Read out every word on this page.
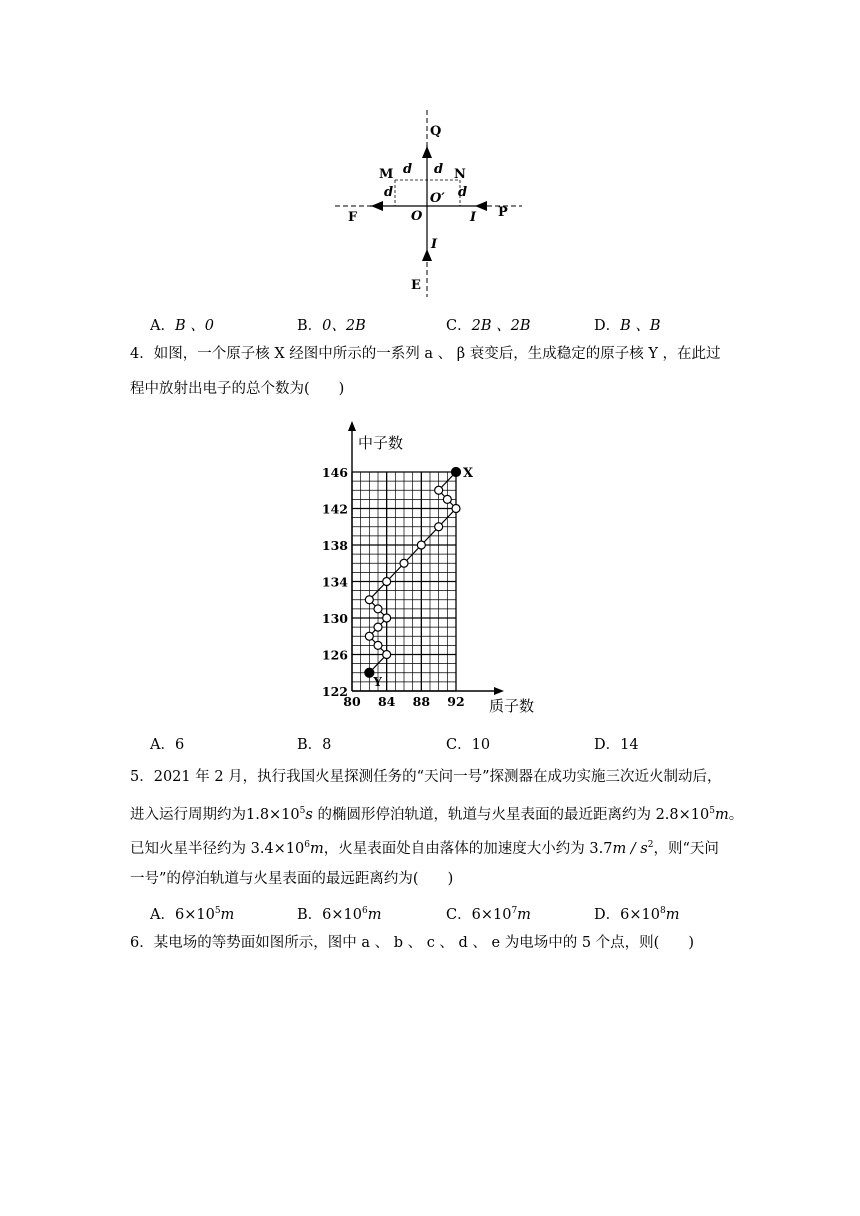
Q
M	N
d d
d	d
O′
O
F	I P
I
E
A．B 、0	B．0、2B	C．2B 、2B	D．B 、B
4．如图，一个原子核 X 经图中所示的一系列 a 、 β 衰变后，生成稳定的原子核 Y ，在此过
程中放射出电子的总个数为(　　)
中子数
质子数
122
126
130
134
138
142
146
80 84 88 92
X
Y
A．6	B．8	C．10	D．14
5．2021 年 2 月，执行我国火星探测任务的“天问一号”探测器在成功实施三次近火制动后，
进入运行周期约为$1.8\times 10^5s$ 的椭圆形停泊轨道，轨道与火星表面的最近距离约为 $2.8\times 10^5m$。
已知火星半径约为 $3.4\times 10^6m$，火星表面处自由落体的加速度大小约为 $3.7m / s^2$，则“天问
一号”的停泊轨道与火星表面的最远距离约为(　　)
A．$6\times 10^5m$	B．$6\times 10^6m$	C．$6\times 10^7m$	D．$6\times 10^8m$
6．某电场的等势面如图所示，图中 a 、 b 、 c 、 d 、 e 为电场中的 5 个点，则(　　)
